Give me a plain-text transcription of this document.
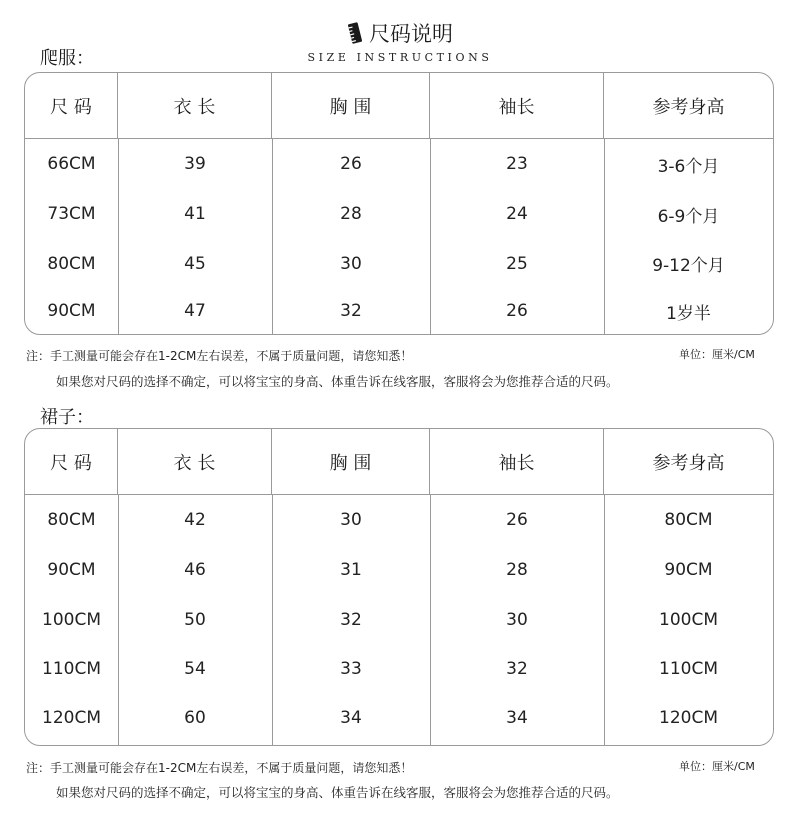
尺码说明
SIZE INSTRUCTIONS
爬服：
尺 码	衣 长	胸 围	袖长	参考身高
66CM	39	26	23	3-6个月
73CM	41	28	24	6-9个月
80CM	45	30	25	9-12个月
90CM	47	32	26	1岁半
注：手工测量可能会存在1-2CM左右误差，不属于质量问题，请您知悉！	单位：厘米/CM
如果您对尺码的选择不确定，可以将宝宝的身高、体重告诉在线客服，客服将会为您推荐合适的尺码。
裙子：
尺 码	衣 长	胸 围	袖长	参考身高
80CM	42	30	26	80CM
90CM	46	31	28	90CM
100CM	50	32	30	100CM
110CM	54	33	32	110CM
120CM	60	34	34	120CM
注：手工测量可能会存在1-2CM左右误差，不属于质量问题，请您知悉！	单位：厘米/CM
如果您对尺码的选择不确定，可以将宝宝的身高、体重告诉在线客服，客服将会为您推荐合适的尺码。
